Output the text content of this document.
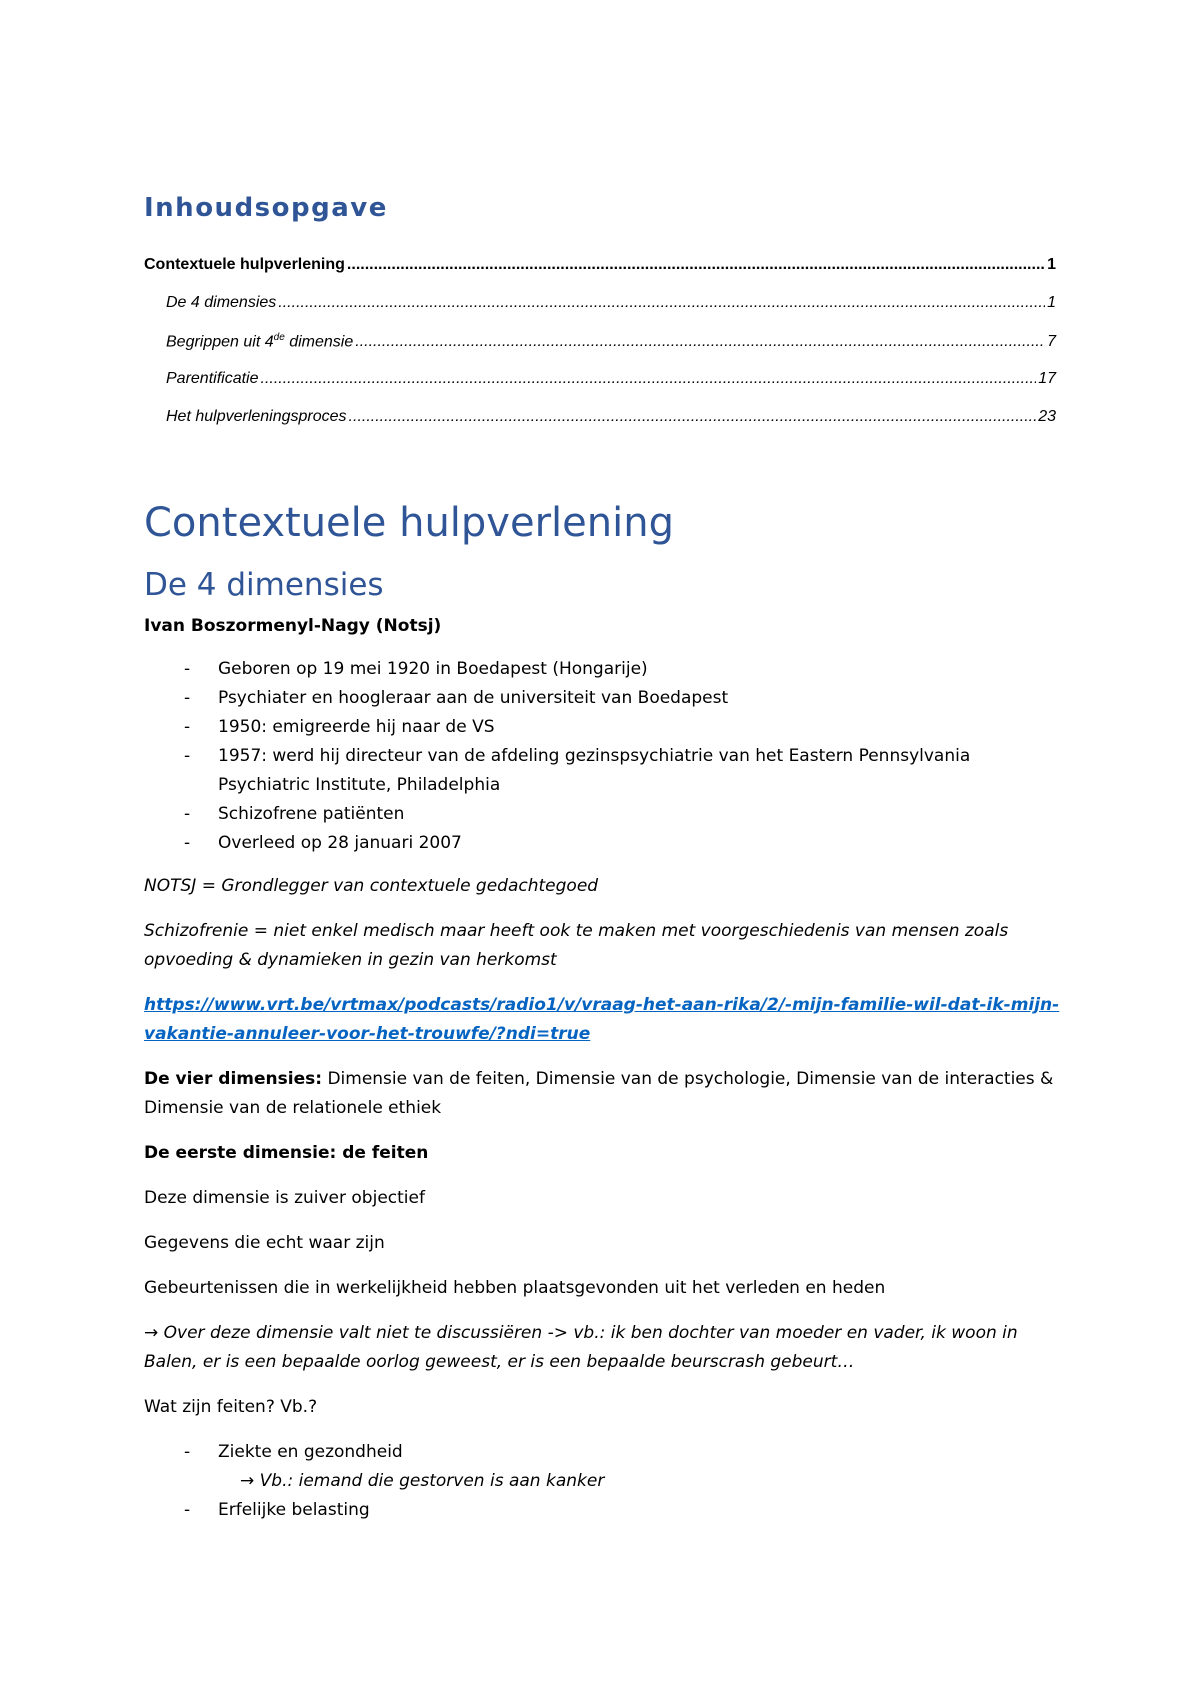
Inhoudsopgave
Contextuele hulpverlening .....	1
De 4 dimensies .....	1
Begrippen uit 4de dimensie .....	7
Parentificatie .....	17
Het hulpverleningsproces .....	23
Contextuele hulpverlening
De 4 dimensies

Ivan Boszormenyl-Nagy (Notsj)

- Geboren op 19 mei 1920 in Boedapest (Hongarije)
- Psychiater en hoogleraar aan de universiteit van Boedapest
- 1950: emigreerde hij naar de VS
- 1957: werd hij directeur van de afdeling gezinspsychiatrie van het Eastern Pennsylvania Psychiatric Institute, Philadelphia
- Schizofrene patiënten
- Overleed op 28 januari 2007

NOTSJ = Grondlegger van contextuele gedachtegoed

Schizofrenie = niet enkel medisch maar heeft ook te maken met voorgeschiedenis van mensen zoals opvoeding & dynamieken in gezin van herkomst

https://www.vrt.be/vrtmax/podcasts/radio1/v/vraag-het-aan-rika/2/-mijn-familie-wil-dat-ik-mijn-vakantie-annuleer-voor-het-trouwfe/?ndi=true

De vier dimensies: Dimensie van de feiten, Dimensie van de psychologie, Dimensie van de interacties & Dimensie van de relationele ethiek

De eerste dimensie: de feiten

Deze dimensie is zuiver objectief

Gegevens die echt waar zijn

Gebeurtenissen die in werkelijkheid hebben plaatsgevonden uit het verleden en heden

→ Over deze dimensie valt niet te discussiëren -> vb.: ik ben dochter van moeder en vader, ik woon in Balen, er is een bepaalde oorlog geweest, er is een bepaalde beurscrash gebeurt…

Wat zijn feiten? Vb.?

- Ziekte en gezondheid
→ Vb.: iemand die gestorven is aan kanker
- Erfelijke belasting
